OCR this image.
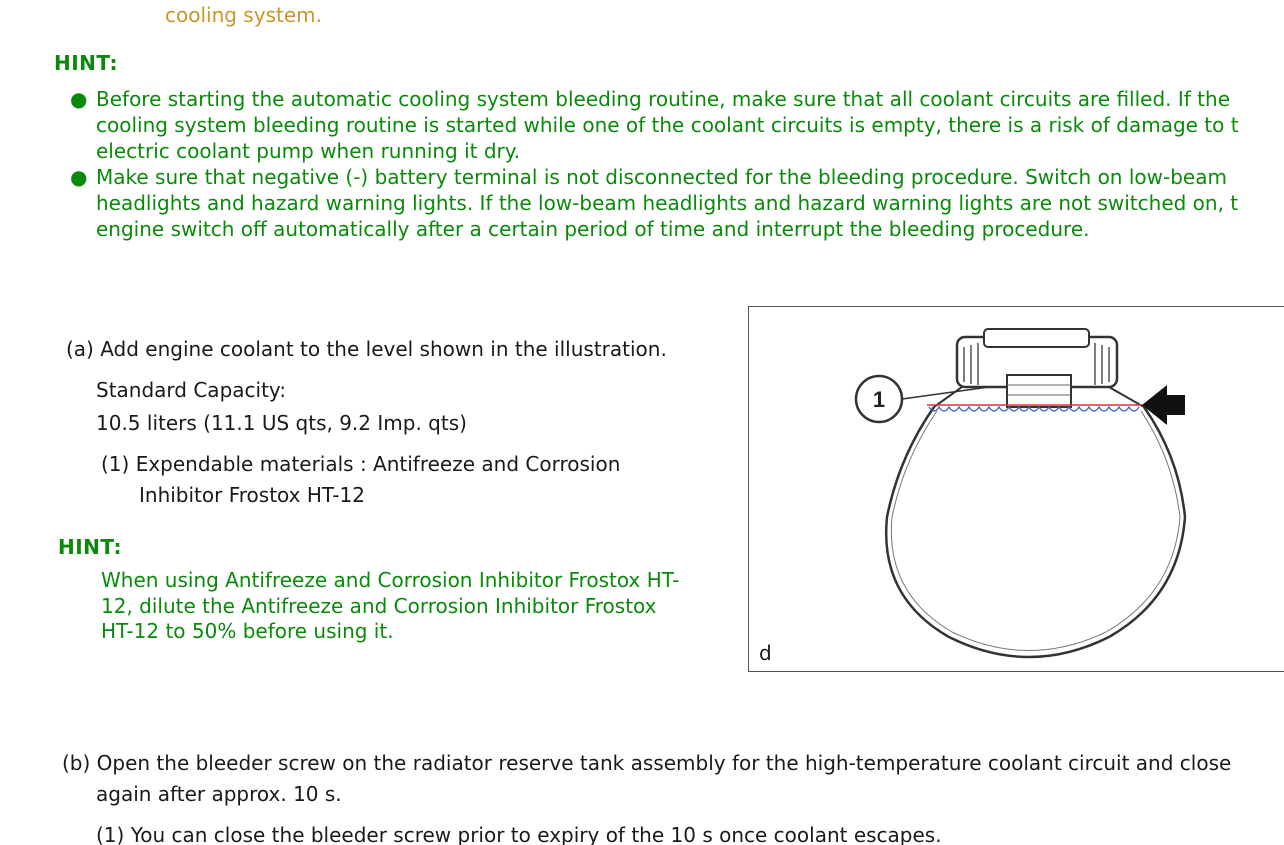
cooling system.
HINT:
● Before starting the automatic cooling system bleeding routine, make sure that all coolant circuits are filled. If the
cooling system bleeding routine is started while one of the coolant circuits is empty, there is a risk of damage to t
electric coolant pump when running it dry.
● Make sure that negative (-) battery terminal is not disconnected for the bleeding procedure. Switch on low-beam
headlights and hazard warning lights. If the low-beam headlights and hazard warning lights are not switched on, t
engine switch off automatically after a certain period of time and interrupt the bleeding procedure.
(a) Add engine coolant to the level shown in the illustration.
Standard Capacity:
10.5 liters (11.1 US qts, 9.2 Imp. qts)
(1) Expendable materials : Antifreeze and Corrosion
Inhibitor Frostox HT-12
HINT:
When using Antifreeze and Corrosion Inhibitor Frostox HT-
12, dilute the Antifreeze and Corrosion Inhibitor Frostox
HT-12 to 50% before using it.
1
d
(b) Open the bleeder screw on the radiator reserve tank assembly for the high-temperature coolant circuit and close
again after approx. 10 s.
(1) You can close the bleeder screw prior to expiry of the 10 s once coolant escapes.
